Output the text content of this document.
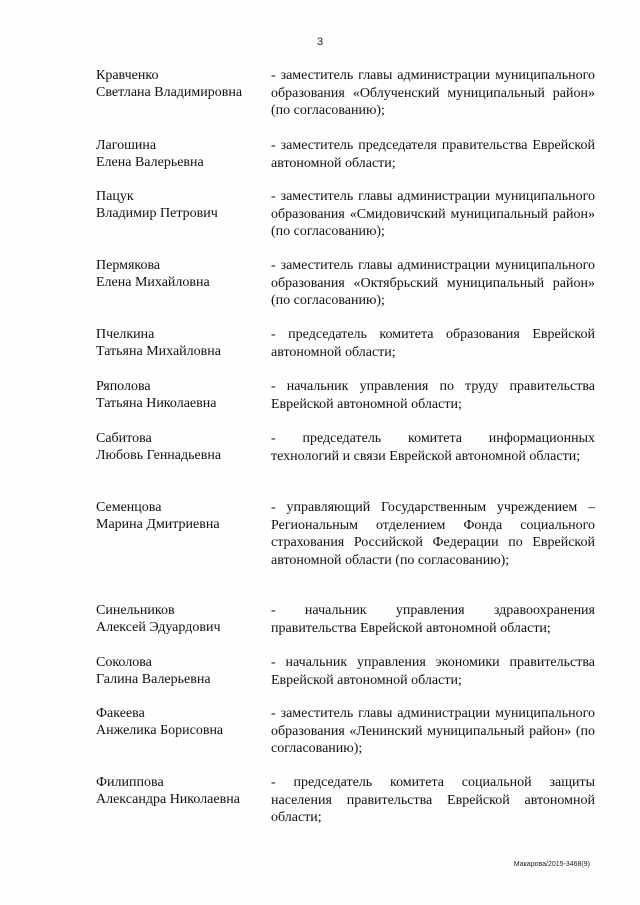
3
Кравченко
Светлана Владимировна

- заместитель главы администрации муниципального образования «Облученский муниципальный район» (по согласованию);

Лагошина
Елена Валерьевна

- заместитель председателя правительства Еврейской автономной области;

Пацук
Владимир Петрович

- заместитель главы администрации муниципального образования «Смидовичский муниципальный район» (по согласованию);

Пермякова
Елена Михайловна

- заместитель главы администрации муниципального образования «Октябрьский муниципальный район» (по согласованию);

Пчелкина
Татьяна Михайловна

- председатель комитета образования Еврейской автономной области;

Ряполова
Татьяна Николаевна

- начальник управления по труду правительства Еврейской автономной области;

Сабитова
Любовь Геннадьевна

- председатель комитета информационных технологий и связи Еврейской автономной области;

Семенцова
Марина Дмитриевна

- управляющий Государственным учреждением – Региональным отделением Фонда социального страхования Российской Федерации по Еврейской автономной области (по согласованию);

Синельников
Алексей Эдуардович

- начальник управления здравоохранения правительства Еврейской автономной области;

Соколова
Галина Валерьевна

- начальник управления экономики правительства Еврейской автономной области;

Факеева
Анжелика Борисовна

- заместитель главы администрации муниципального образования «Ленинский муниципальный район» (по согласованию);

Филиппова
Александра Николаевна

- председатель комитета социальной защиты населения правительства Еврейской автономной области;

Макарова/2015-3468(9)
